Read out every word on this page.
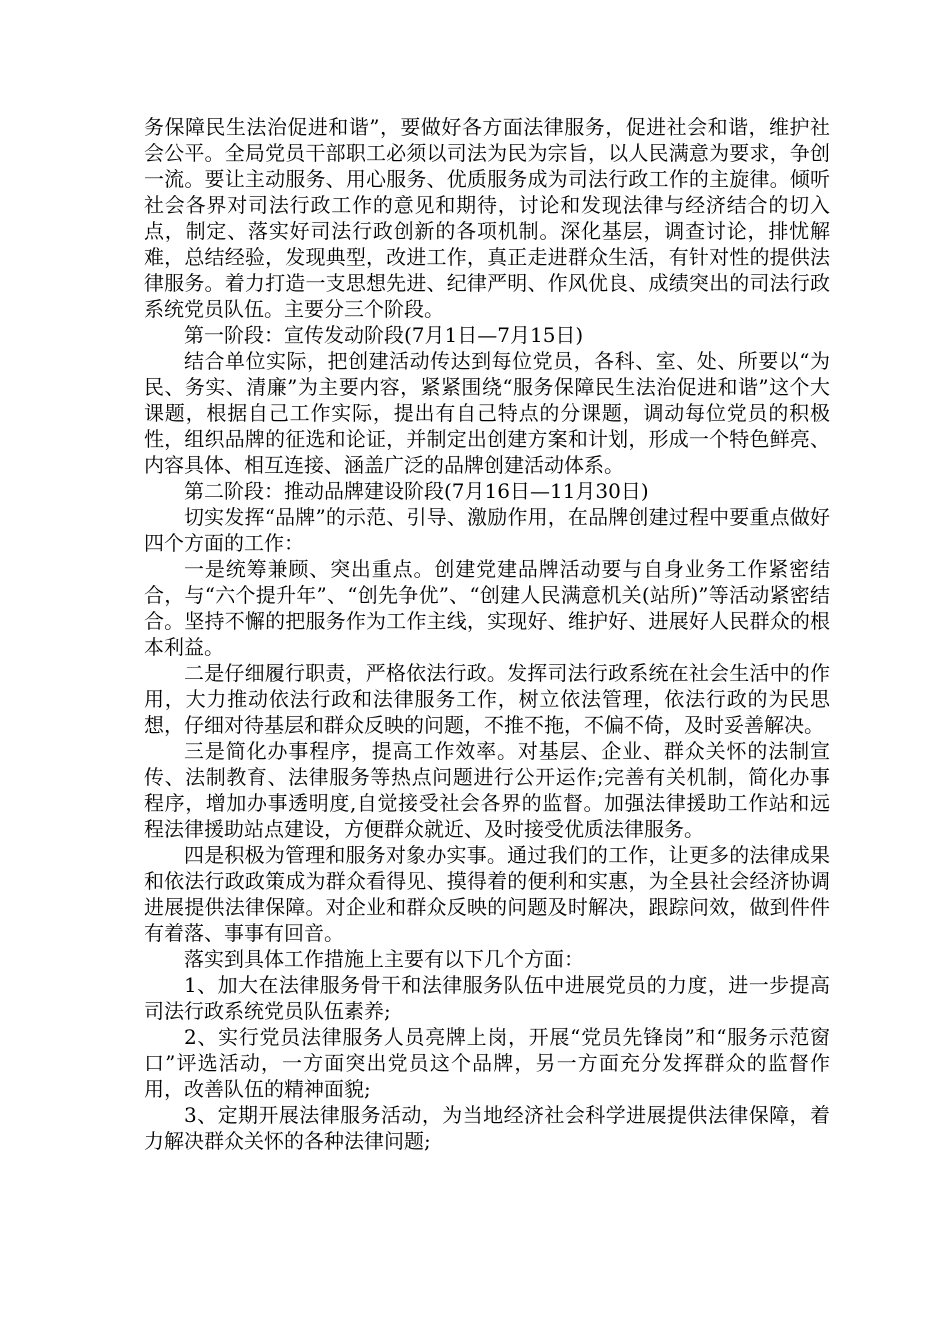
务保障民生法治促进和谐”，要做好各方面法律服务，促进社会和谐，维护社会公平。全局党员干部职工必须以司法为民为宗旨，以人民满意为要求，争创一流。要让主动服务、用心服务、优质服务成为司法行政工作的主旋律。倾听社会各界对司法行政工作的意见和期待，讨论和发现法律与经济结合的切入点，制定、落实好司法行政创新的各项机制。深化基层，调查讨论，排忧解难，总结经验，发现典型，改进工作，真正走进群众生活，有针对性的提供法律服务。着力打造一支思想先进、纪律严明、作风优良、成绩突出的司法行政系统党员队伍。主要分三个阶段。

第一阶段：宣传发动阶段(7月1日—7月15日)

结合单位实际，把创建活动传达到每位党员，各科、室、处、所要以“为民、务实、清廉”为主要内容，紧紧围绕“服务保障民生法治促进和谐”这个大课题，根据自己工作实际，提出有自己特点的分课题，调动每位党员的积极性，组织品牌的征选和论证，并制定出创建方案和计划，形成一个特色鲜亮、内容具体、相互连接、涵盖广泛的品牌创建活动体系。

第二阶段：推动品牌建设阶段(7月16日—11月30日)

切实发挥“品牌”的示范、引导、激励作用，在品牌创建过程中要重点做好四个方面的工作：

一是统筹兼顾、突出重点。创建党建品牌活动要与自身业务工作紧密结合，与“六个提升年”、“创先争优”、“创建人民满意机关(站所)”等活动紧密结合。坚持不懈的把服务作为工作主线，实现好、维护好、进展好人民群众的根本利益。

二是仔细履行职责，严格依法行政。发挥司法行政系统在社会生活中的作用，大力推动依法行政和法律服务工作，树立依法管理，依法行政的为民思想，仔细对待基层和群众反映的问题，不推不拖，不偏不倚，及时妥善解决。

三是简化办事程序，提高工作效率。对基层、企业、群众关怀的法制宣传、法制教育、法律服务等热点问题进行公开运作;完善有关机制，简化办事程序，增加办事透明度,自觉接受社会各界的监督。加强法律援助工作站和远程法律援助站点建设，方便群众就近、及时接受优质法律服务。

四是积极为管理和服务对象办实事。通过我们的工作，让更多的法律成果和依法行政政策成为群众看得见、摸得着的便利和实惠，为全县社会经济协调进展提供法律保障。对企业和群众反映的问题及时解决，跟踪问效，做到件件有着落、事事有回音。

落实到具体工作措施上主要有以下几个方面：

1、加大在法律服务骨干和法律服务队伍中进展党员的力度，进一步提高司法行政系统党员队伍素养;

2、实行党员法律服务人员亮牌上岗，开展“党员先锋岗”和“服务示范窗口”评选活动，一方面突出党员这个品牌，另一方面充分发挥群众的监督作用，改善队伍的精神面貌;

3、定期开展法律服务活动，为当地经济社会科学进展提供法律保障，着力解决群众关怀的各种法律问题;
